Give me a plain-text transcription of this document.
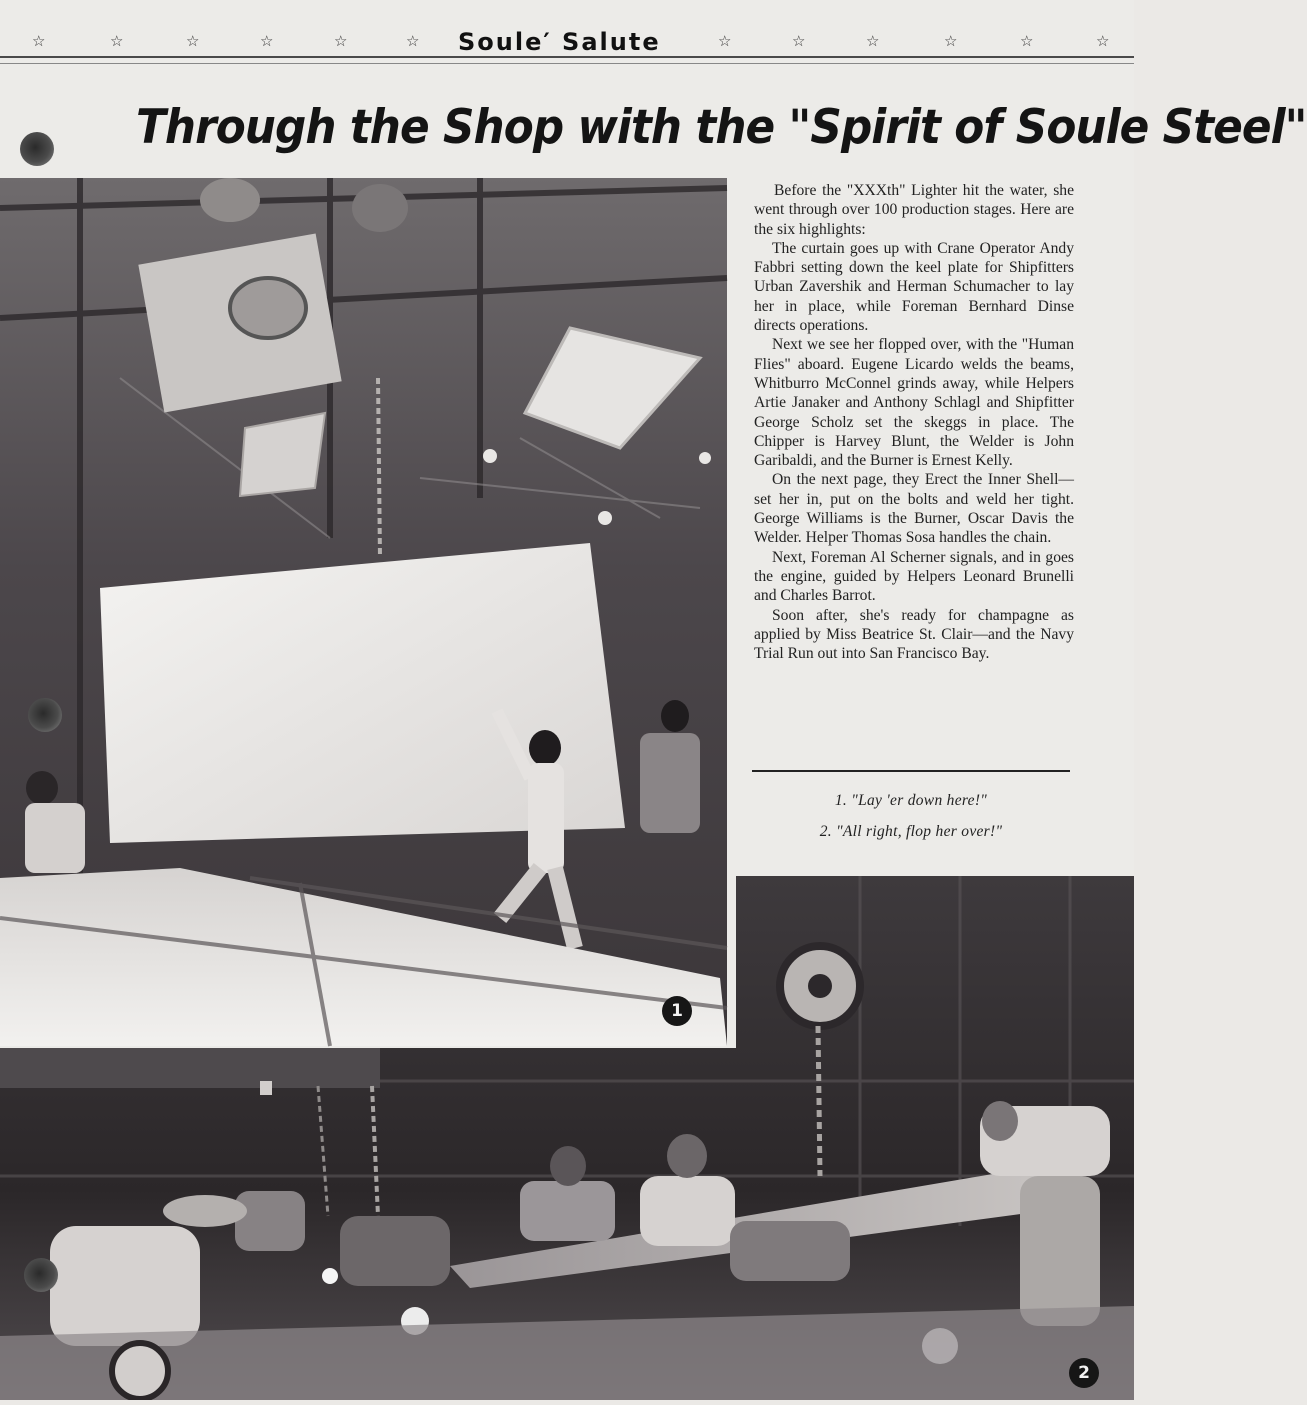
☆	☆	☆	☆	☆	☆ Soule′ Salute	☆	☆	☆	☆	☆	☆
Through the Shop with the "Spirit of Soule Steel"
1
2

Before the "XXXth" Lighter hit the water, she went through over 100 production stages. Here are the six highlights:

The curtain goes up with Crane Operator Andy Fabbri setting down the keel plate for Shipfitters Urban Zavershik and Herman Schumacher to lay her in place, while Foreman Bernhard Dinse directs operations.

Next we see her flopped over, with the "Human Flies" aboard. Eugene Licardo welds the beams, Whitburro McConnel grinds away, while Helpers Artie Janaker and Anthony Schlagl and Shipfitter George Scholz set the skeggs in place. The Chipper is Harvey Blunt, the Welder is John Garibaldi, and the Burner is Ernest Kelly.

On the next page, they Erect the Inner Shell—set her in, put on the bolts and weld her tight. George Williams is the Burner, Oscar Davis the Welder. Helper Thomas Sosa handles the chain.

Next, Foreman Al Scherner signals, and in goes the engine, guided by Helpers Leonard Brunelli and Charles Barrot.

Soon after, she's ready for champagne as applied by Miss Beatrice St. Clair—and the Navy Trial Run out into San Francisco Bay.

1. "Lay 'er down here!"

2. "All right, flop her over!"
